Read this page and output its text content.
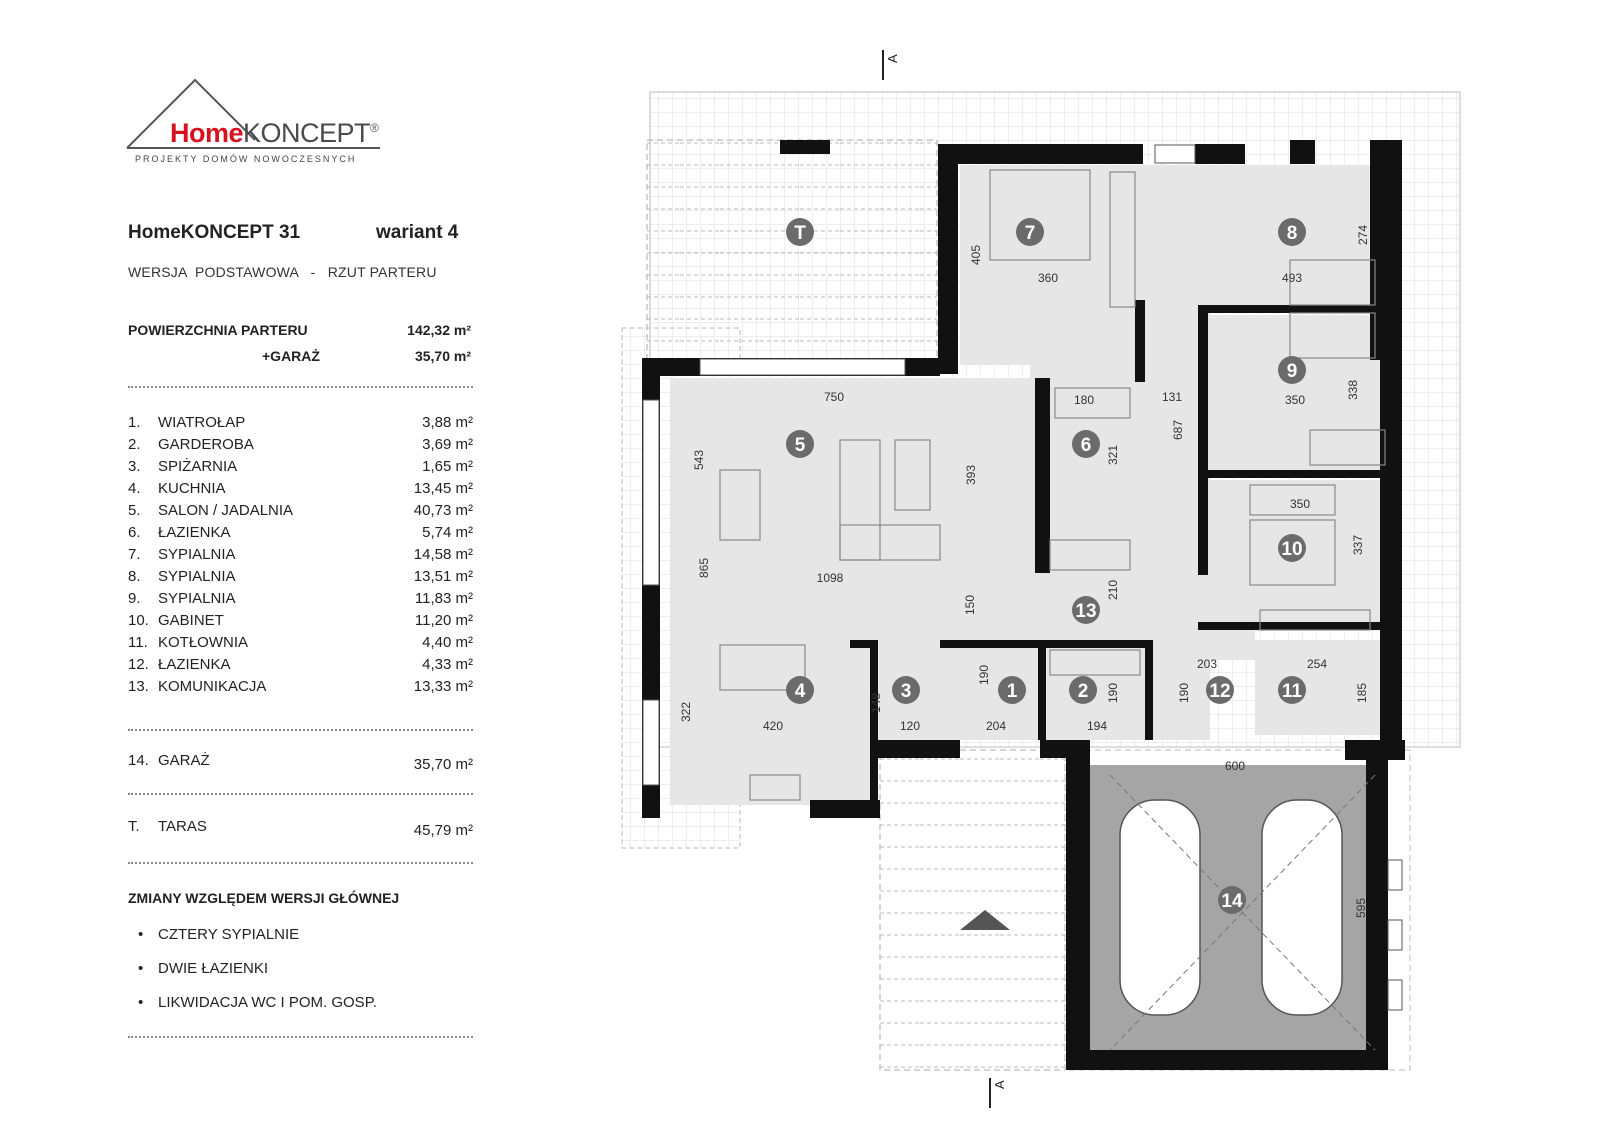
HomeKONCEPT®
PROJEKTY DOMÓW NOWOCZESNYCH
HomeKONCEPT 31	wariant 4
WERSJA  PODSTAWOWA   -   RZUT PARTERU
POWIERZCHNIA PARTERU	142,32 m²
+GARAŻ	35,70 m²
1. WIATROŁAP	3,88 m²
2. GARDEROBA	3,69 m²
3. SPIŻARNIA	1,65 m²
4. KUCHNIA	13,45 m²
5. SALON / JADALNIA	40,73 m²
6. ŁAZIENKA	5,74 m²
7. SYPIALNIA	14,58 m²
8. SYPIALNIA	13,51 m²
9. SYPIALNIA	11,83 m²
10. GABINET	11,20 m²
11. KOTŁOWNIA	4,40 m²
12. ŁAZIENKA	4,33 m²
13. KOMUNIKACJA	13,33 m²
14. GARAŻ	35,70 m²
T. TARAS	45,79 m²
ZMIANY WZGLĘDEM WERSJI GŁÓWNEJ
• CZTERY SYPIALNIE
• DWIE ŁAZIENKI
• LIKWIDACJA WC I POM. GOSP.
A
A
T
1	2
3
4
5	6
7	8
9
10
11
12
13
14
405
360	493
274
750	131
180
687
321
543
393
350	338
350
337
865	1098
150
210
203	254
190
190	190	185
148
120
322
420	204	194
600
595
